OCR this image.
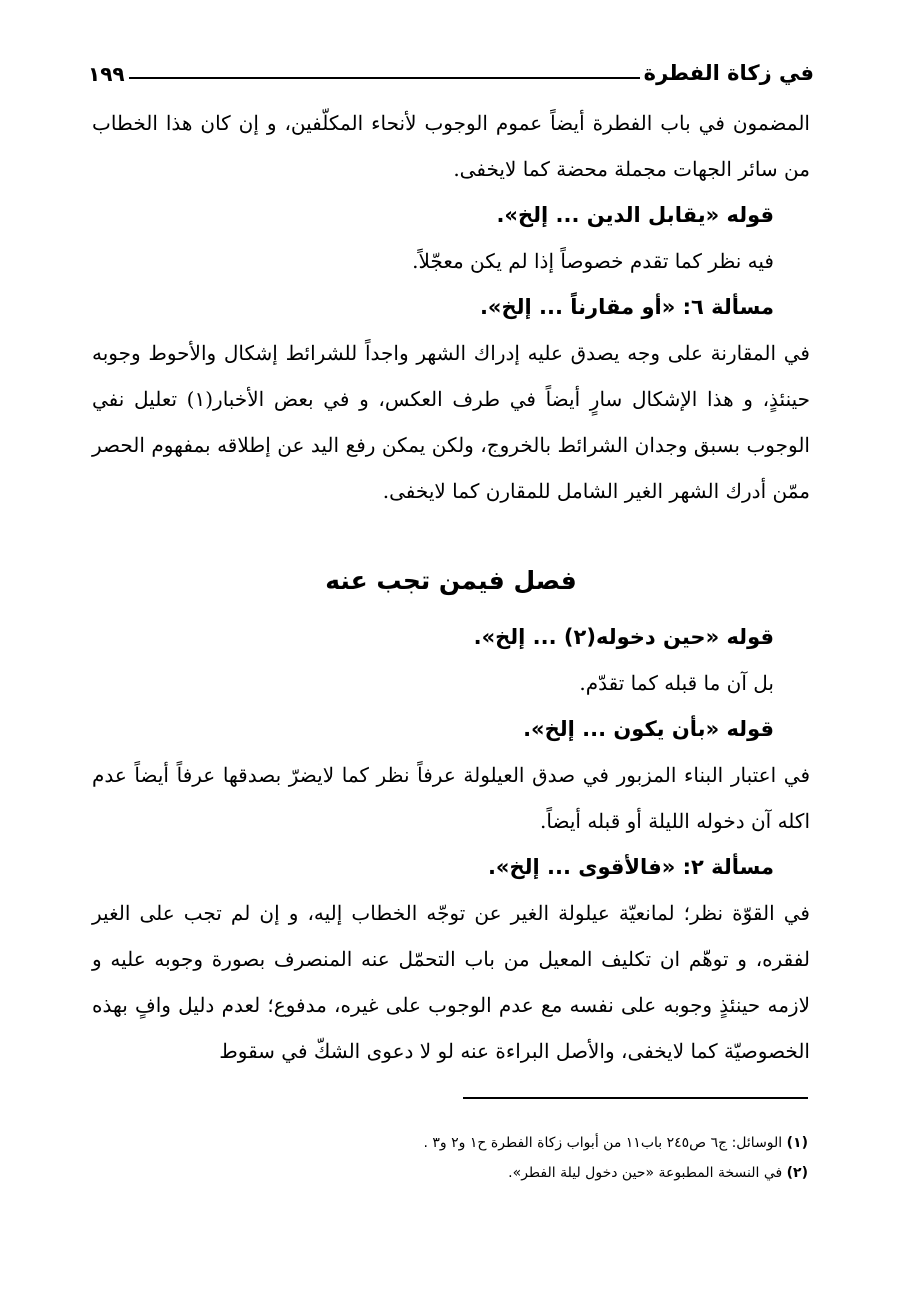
في زكاة الفطرة
١٩٩

المضمون في باب الفطرة أيضاً عموم الوجوب لأنحاء المكلّفين، و إن كان هذا الخطاب من سائر الجهات مجملة محضة كما لايخفى.

قوله «يقابل الدين ... إلخ».

فيه نظر كما تقدم خصوصاً إذا لم يكن معجّلاً.

مسألة ٦: «أو مقارناً ... إلخ».

في المقارنة على وجه يصدق عليه إدراك الشهر واجداً للشرائط إشكال والأحوط وجوبه حينئذٍ، و هذا الإشكال سارٍ أيضاً في طرف العكس، و في بعض الأخبار(١) تعليل نفي الوجوب بسبق وجدان الشرائط بالخروج، ولكن يمكن رفع اليد عن إطلاقه بمفهوم الحصر ممّن أدرك الشهر الغير الشامل للمقارن كما لايخفى.

فصل فيمن تجب عنه

قوله «حين دخوله(٢) ... إلخ».

بل آن ما قبله كما تقدّم.

قوله «بأن يكون ... إلخ».

في اعتبار البناء المزبور في صدق العيلولة عرفاً نظر كما لايضرّ بصدقها عرفاً أيضاً عدم اكله آن دخوله الليلة أو قبله أيضاً.

مسألة ٢: «فالأقوى ... إلخ».

في القوّة نظر؛ لمانعيّة عيلولة الغير عن توجّه الخطاب إليه، و إن لم تجب على الغير لفقره، و توهّم ان تكليف المعيل من باب التحمّل عنه المنصرف بصورة وجوبه عليه و لازمه حينئذٍ وجوبه على نفسه مع عدم الوجوب على غيره، مدفوع؛ لعدم دليل وافٍ بهذه الخصوصيّة كما لايخفى، والأصل البراءة عنه لو لا دعوى الشكّ في سقوط

(١) الوسائل: ج٦ ص٢٤٥ باب١١ من أبواب زكاة الفطرة ح١ و٢ و٣ .

(٢) في النسخة المطبوعة «حين دخول ليلة الفطر».
